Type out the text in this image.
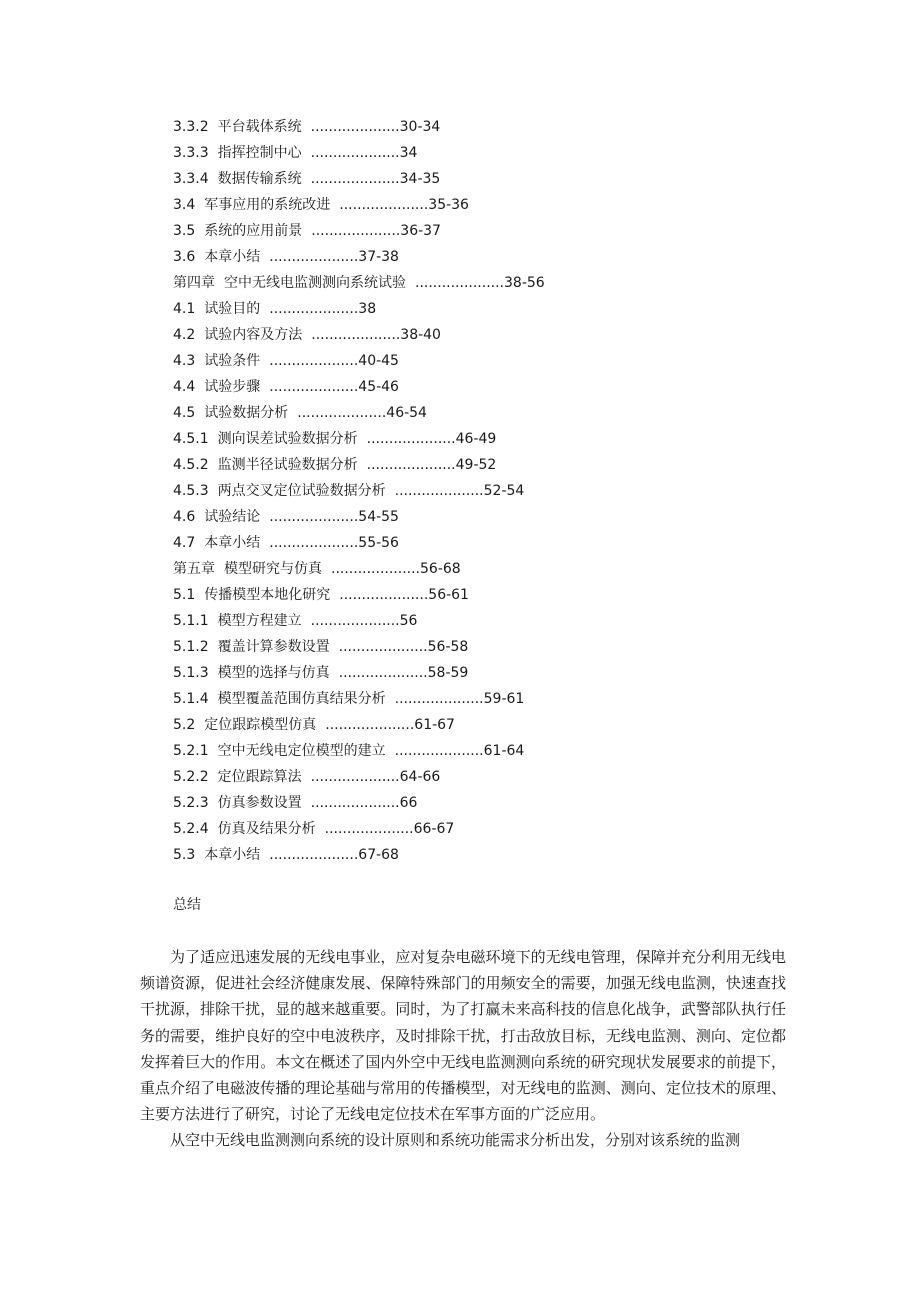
3.3.2 平台载体系统 ....................30-34
3.3.3 指挥控制中心 ....................34
3.3.4 数据传输系统 ....................34-35
3.4 军事应用的系统改进 ....................35-36
3.5 系统的应用前景 ....................36-37
3.6 本章小结 ....................37-38
第四章 空中无线电监测测向系统试验 ....................38-56
4.1 试验目的 ....................38
4.2 试验内容及方法 ....................38-40
4.3 试验条件 ....................40-45
4.4 试验步骤 ....................45-46
4.5 试验数据分析 ....................46-54
4.5.1 测向误差试验数据分析 ....................46-49
4.5.2 监测半径试验数据分析 ....................49-52
4.5.3 两点交叉定位试验数据分析 ....................52-54
4.6 试验结论 ....................54-55
4.7 本章小结 ....................55-56
第五章 模型研究与仿真 ....................56-68
5.1 传播模型本地化研究 ....................56-61
5.1.1 模型方程建立 ....................56
5.1.2 覆盖计算参数设置 ....................56-58
5.1.3 模型的选择与仿真 ....................58-59
5.1.4 模型覆盖范围仿真结果分析 ....................59-61
5.2 定位跟踪模型仿真 ....................61-67
5.2.1 空中无线电定位模型的建立 ....................61-64
5.2.2 定位跟踪算法 ....................64-66
5.2.3 仿真参数设置 ....................66
5.2.4 仿真及结果分析 ....................66-67
5.3 本章小结 ....................67-68
总结

为了适应迅速发展的无线电事业，应对复杂电磁环境下的无线电管理，保障并充分利用无线电频谱资源，促进社会经济健康发展、保障特殊部门的用频安全的需要，加强无线电监测，快速查找干扰源，排除干扰，显的越来越重要。同时，为了打赢未来高科技的信息化战争，武警部队执行任务的需要，维护良好的空中电波秩序，及时排除干扰，打击敌放目标，无线电监测、测向、定位都发挥着巨大的作用。本文在概述了国内外空中无线电监测测向系统的研究现状发展要求的前提下，重点介绍了电磁波传播的理论基础与常用的传播模型，对无线电的监测、测向、定位技术的原理、主要方法进行了研究，讨论了无线电定位技术在军事方面的广泛应用。

从空中无线电监测测向系统的设计原则和系统功能需求分析出发，分别对该系统的监测
